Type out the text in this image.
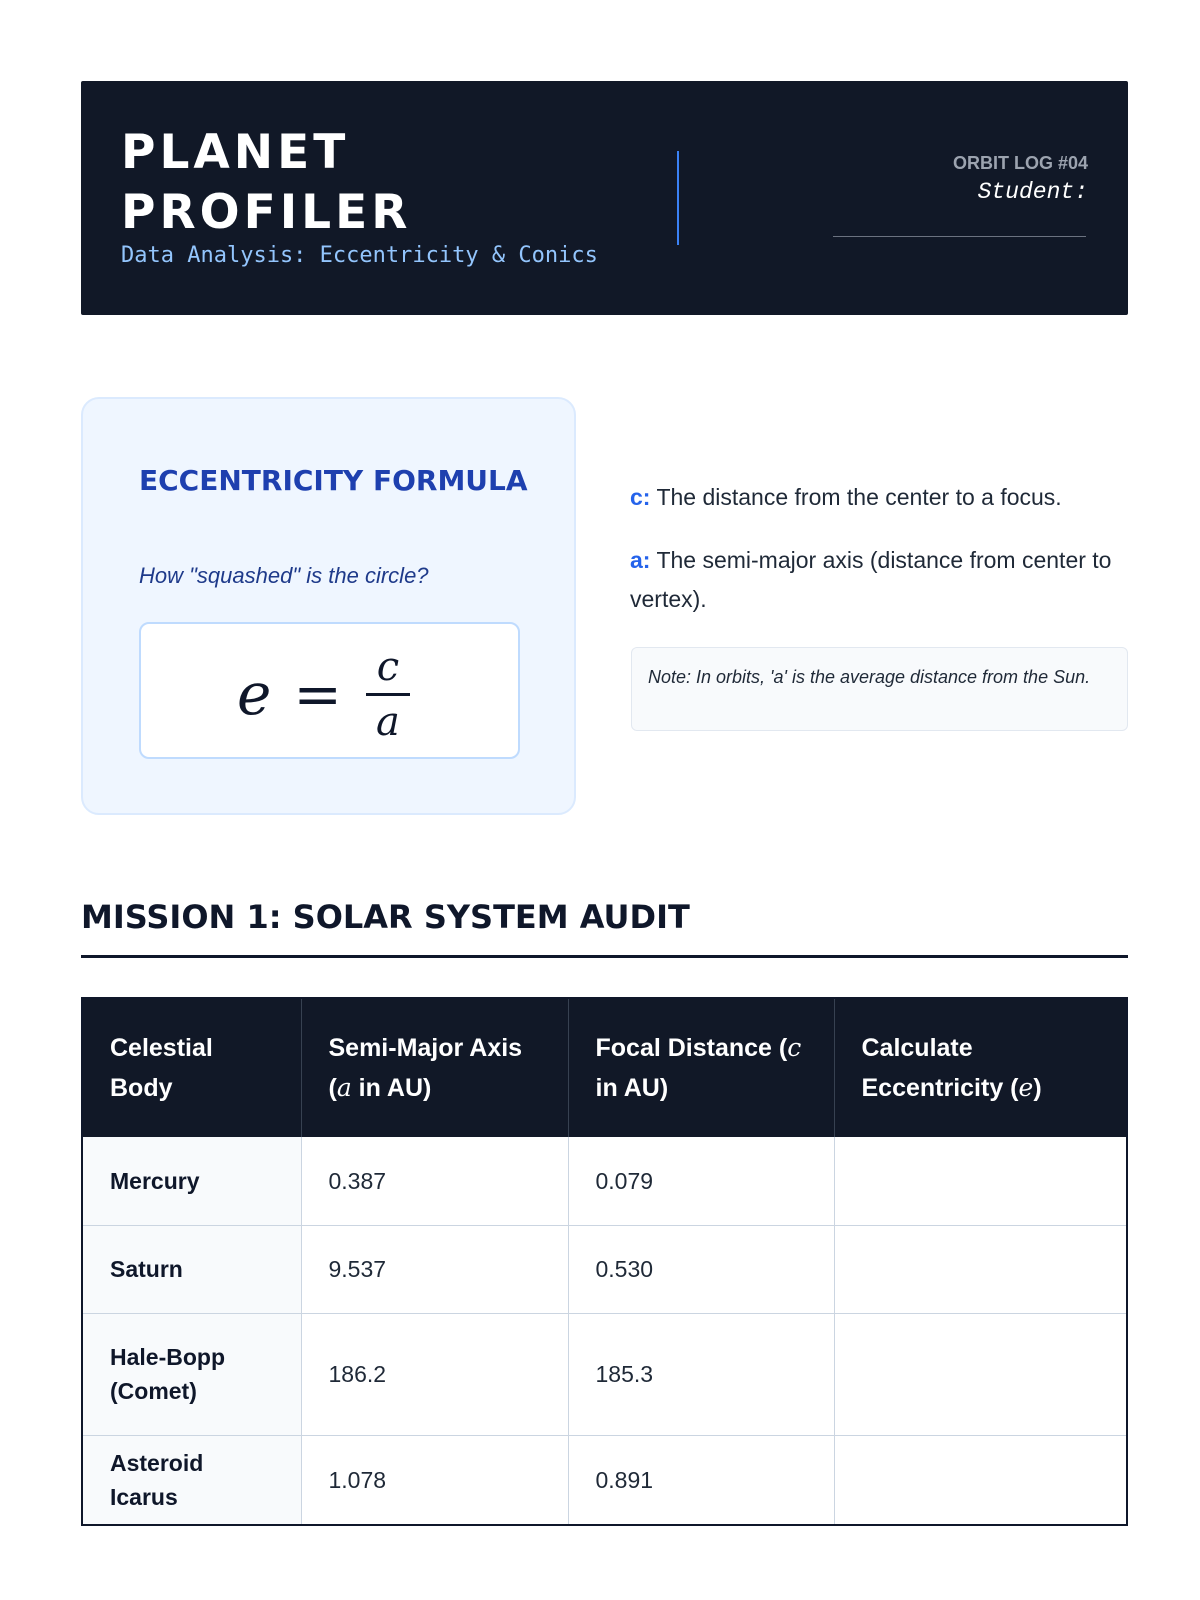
PLANET PROFILER
Data Analysis: Eccentricity & Conics
ORBIT LOG #04
Student:
ECCENTRICITY FORMULA
How "squashed" is the circle?
$e = \frac{c}{a}$
c: The distance from the center to a focus.
a: The semi-major axis (distance from center to vertex).
Note: In orbits, 'a' is the average distance from the Sun.
MISSION 1: SOLAR SYSTEM AUDIT
Celestial Body	Semi-Major Axis (a in AU)	Focal Distance (c in AU)	Calculate Eccentricity (e)
Mercury	0.387	0.079	
Saturn	9.537	0.530	
Hale-Bopp (Comet)	186.2	185.3	
Asteroid Icarus	1.078	0.891	
